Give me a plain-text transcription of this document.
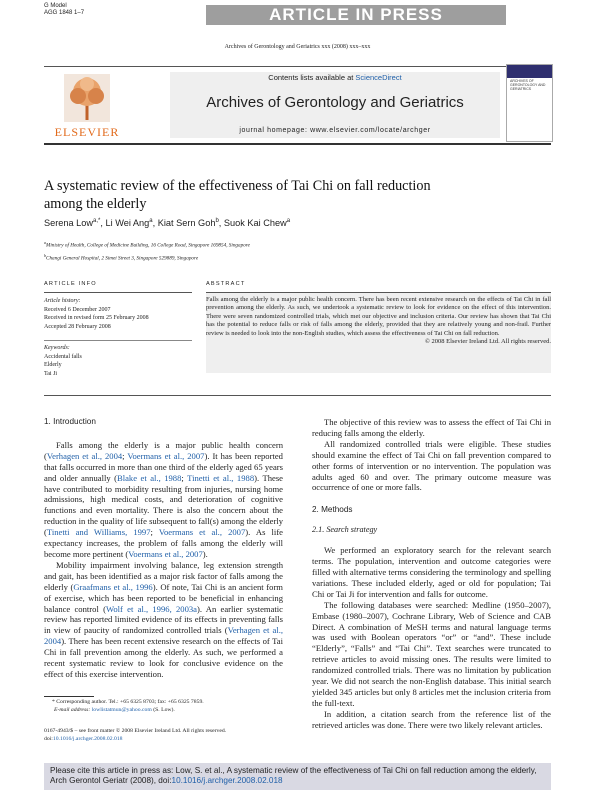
G Model
AGG 1848 1–7	ARTICLE IN PRESS
Archives of Gerontology and Geriatrics xxx (2008) xxx–xxx
ELSEVIER
Contents lists available at ScienceDirect
Archives of Gerontology and Geriatrics
journal homepage: www.elsevier.com/locate/archger
ARCHIVES OF GERONTOLOGY AND GERIATRICS
A systematic review of the effectiveness of Tai Chi on fall reduction
among the elderly
Serena Low$^{a,*}$, Li Wei Ang$^a$, Kiat Sern Goh$^b$, Suok Kai Chew$^a$
$^a$Ministry of Health, College of Medicine Building, 16 College Road, Singapore 169854, Singapore
$^b$Changi General Hospital, 2 Simei Street 3, Singapore 529889, Singapore
ARTICLE INFO	ABSTRACT
Article history:
Received 6 December 2007
Received in revised form 25 February 2008
Accepted 28 February 2008
Keywords:
Accidental falls
Elderly
Tai Ji
Falls among the elderly is a major public health concern. There has been recent extensive research on the effects of Tai Chi in fall prevention among the elderly. As such, we undertook a systematic review to look for evidence on the effect of this intervention. There were seven randomized controlled trials, which met our objective and inclusion criteria. Our review has shown that Tai Chi has the potential to reduce falls or risk of falls among the elderly, provided that they are relatively young and non-frail. Further review is needed to look into the non-English studies, which assess the effectiveness of Tai Chi on fall reduction.
© 2008 Elsevier Ireland Ltd. All rights reserved.
1. Introduction

Falls among the elderly is a major public health concern (Verhagen et al., 2004; Voermans et al., 2007). It has been reported that falls occurred in more than one third of the elderly aged 65 years and older annually (Blake et al., 1988; Tinetti et al., 1988). These have contributed to morbidity resulting from injuries, nursing home admissions, high medical costs, and deterioration of cognitive functions and even mortality. There is also the concern about the reduction in the quality of life subsequent to fall(s) among the elderly (Tinetti and Williams, 1997; Voermans et al., 2007). As life expectancy increases, the problem of falls among the elderly will become more pertinent (Voermans et al., 2007).

Mobility impairment involving balance, leg extension strength and gait, has been identified as a major risk factor of falls among the elderly (Graafmans et al., 1996). Of note, Tai Chi is an ancient form of exercise, which has been reported to be beneficial in enhancing balance control (Wolf et al., 1996, 2003a). An earlier systematic review has reported limited evidence of its effects in preventing falls in view of paucity of randomized controlled trials (Verhagen et al., 2004). There has been recent extensive research on the effects of Tai Chi in fall prevention among the elderly. As such, we performed a recent systematic review to look for conclusive evidence on the effect of this exercise intervention.

The objective of this review was to assess the effect of Tai Chi in reducing falls among the elderly.

All randomized controlled trials were eligible. These studies should examine the effect of Tai Chi on fall prevention compared to other forms of intervention or no intervention. The population was adults aged 60 and over. The primary outcome measure was occurrence of one or more falls.

2. Methods
2.1. Search strategy

We performed an exploratory search for the relevant search terms. The population, intervention and outcome categories were filled with alternative terms considering the terminology and spelling variations. These included elderly, aged or old for population; Tai Chi or Tai Ji for intervention and falls for outcome.

The following databases were searched: Medline (1950–2007), Embase (1980–2007), Cochrane Library, Web of Science and CAB Direct. A combination of MeSH terms and natural language terms was used with Boolean operators “or” or “and”. These include “Elderly”, “Falls” and “Tai Chi”. Text searches were truncated to retrieve articles to avoid missing ones. The results were limited to randomized controlled trials. There was no limitation by publication year. We did not search the non-English database. This initial search yielded 345 articles but only 8 articles met the inclusion criteria from the full-text.

In addition, a citation search from the reference list of the retrieved articles was done. There were two likely relevant articles.

* Corresponding author. Tel.: +65 6325 8703; fax: +65 6325 7859.
E-mail address: lowlistatmun@yahoo.com (S. Low).
0167-4943/$ – see front matter © 2008 Elsevier Ireland Ltd. All rights reserved.
doi:10.1016/j.archger.2008.02.018
Please cite this article in press as: Low, S. et al., A systematic review of the effectiveness of Tai Chi on fall reduction among the elderly,
Arch Gerontol Geriatr (2008), doi:10.1016/j.archger.2008.02.018
